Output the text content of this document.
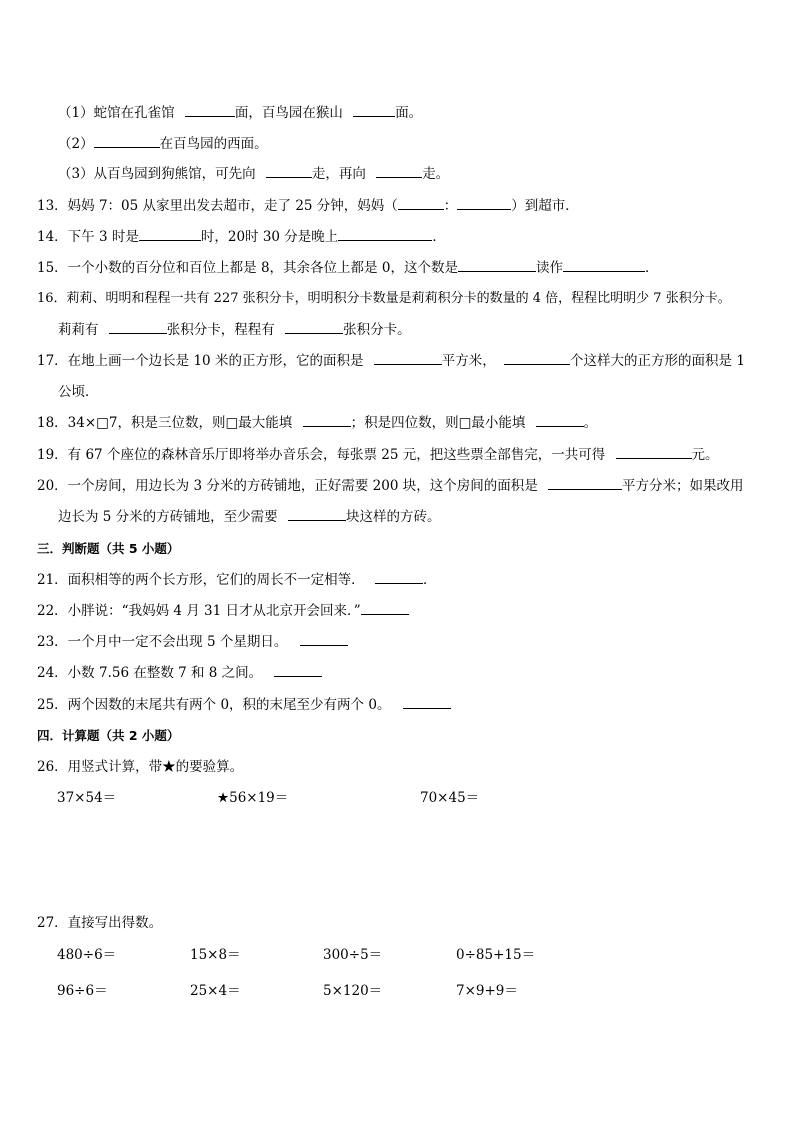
（1）蛇馆在孔雀馆	面，百鸟园在猴山	面。
（2）	在百鸟园的西面。
（3）从百鸟园到狗熊馆，可先向	走，再向	走。
13．妈妈 7：05 从家里出发去超市，走了 25 分钟，妈妈（	：	）到超市．
14．下午 3 时是	时，20时 30 分是晚上	．
15．一个小数的百分位和百位上都是 8，其余各位上都是 0，这个数是	读作	．
16．莉莉、明明和程程一共有 227 张积分卡，明明积分卡数量是莉莉积分卡的数量的 4 倍，程程比明明少 7 张积分卡。
莉莉有	张积分卡，程程有	张积分卡。
17．在地上画一个边长是 10 米的正方形，它的面积是	平方米，	个这样大的正方形的面积是 1
公顷．
18．34×□7，积是三位数，则□最大能填	；积是四位数，则□最小能填	。
19．有 67 个座位的森林音乐厅即将举办音乐会，每张票 25 元，把这些票全部售完，一共可得	元。
20．一个房间，用边长为 3 分米的方砖铺地，正好需要 200 块，这个房间的面积是	平方分米；如果改用
边长为 5 分米的方砖铺地，至少需要	块这样的方砖。
三．判断题（共 5 小题）
21．面积相等的两个长方形，它们的周长不一定相等．	．
22．小胖说：“我妈妈 4 月 31 日才从北京开会回来．”
23．一个月中一定不会出现 5 个星期日。
24．小数 7.56 在整数 7 和 8 之间。
25．两个因数的末尾共有两个 0，积的末尾至少有两个 0。
四．计算题（共 2 小题）
26．用竖式计算，带★的要验算。
37×54＝	★56×19＝	70×45＝
27．直接写出得数。
480÷6＝	15×8＝	300÷5＝	0÷85+15＝
96÷6＝	25×4＝	5×120＝	7×9+9＝
